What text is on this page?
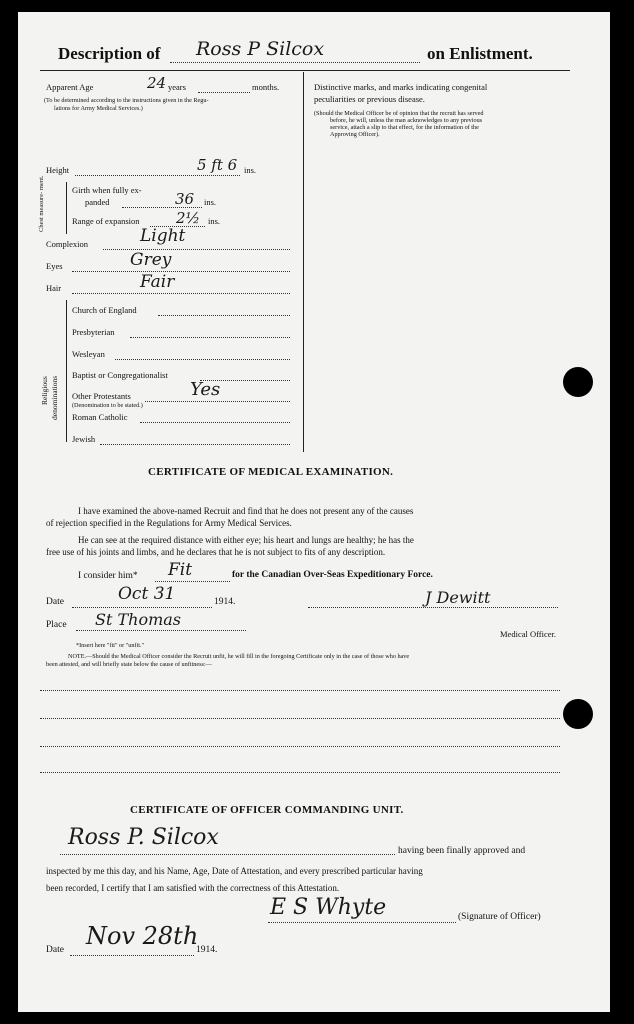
Description of Ross P Silcox	on Enlistment.
Apparent Age	24 years	months.
(To be determined according to the instructions given in the Regu-
lations for Army Medical Services.)
Height	5 ft 6 ins.
Chest measure- ment.	Girth when fully ex-
panded	36 ins.
Range of expansion 2½ ins.
Complexion	Light
Eyes	Grey
Hair	Fair
Religious denominations
Church of England
Presbyterian
Wesleyan
Baptist or Congregationalist
Other Protestants	Yes
(Denomination to be stated.)
Roman Catholic
Jewish
Distinctive marks, and marks indicating congenital
peculiarities or previous disease.
(Should the Medical Officer be of opinion that the recruit has served
before, he will, unless the man acknowledges to any previous
service, attach a slip to that effect, for the information of the
Approving Officer).
CERTIFICATE OF MEDICAL EXAMINATION.
I have examined the above-named Recruit and find that he does not present any of the causes
of rejection specified in the Regulations for Army Medical Services.
He can see at the required distance with either eye; his heart and lungs are healthy; he has the
free use of his joints and limbs, and he declares that he is not subject to fits of any description.
I consider him* Fit	for the Canadian Over-Seas Expeditionary Force.
Date	Oct 31	1914.	J Dewitt
Place St Thomas
Medical Officer.
*Insert here "fit" or "unfit."
NOTE.—Should the Medical Officer consider the Recruit unfit, he will fill in the foregoing Certificate only in the case of those who have
been attested, and will briefly state below the cause of unfitness:—
CERTIFICATE OF OFFICER COMMANDING UNIT.
Ross P. Silcox
having been finally approved and
inspected by me this day, and his Name, Age, Date of Attestation, and every prescribed particular having
been recorded, I certify that I am satisfied with the correctness of this Attestation.
E S Whyte	(Signature of Officer)
Date Nov 28th
1914.
